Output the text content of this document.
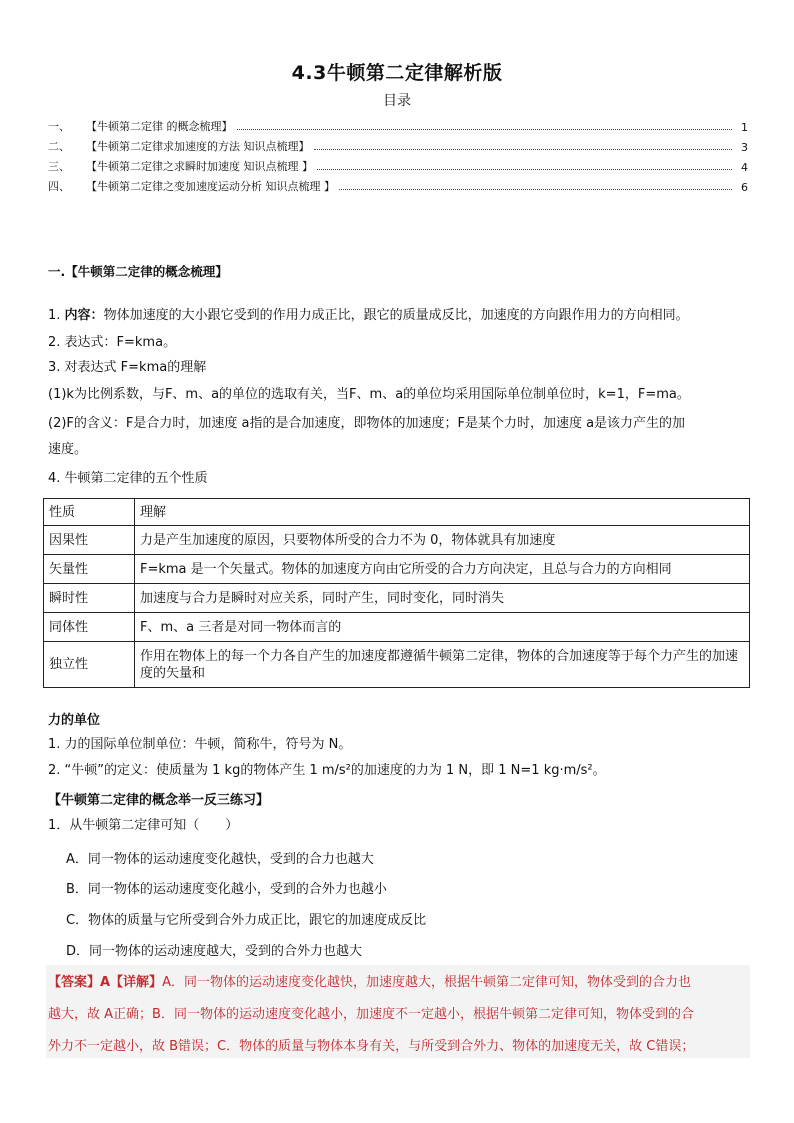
4.3牛顿第二定律解析版
目录
一、	【牛顿第二定律 的概念梳理】	1
二、	【牛顿第二定律求加速度的方法 知识点梳理】	3
三、	【牛顿第二定律之求瞬时加速度 知识点梳理 】	4
四、	【牛顿第二定律之变加速度运动分析 知识点梳理 】	6
一.【牛顿第二定律的概念梳理】
1. 内容：物体加速度的大小跟它受到的作用力成正比，跟它的质量成反比，加速度的方向跟作用力的方向相同。
2. 表达式：F=kma。
3. 对表达式 F=kma的理解
(1)k为比例系数，与F、m、a的单位的选取有关，当F、m、a的单位均采用国际单位制单位时，k=1，F=ma。
(2)F的含义：F是合力时，加速度 a指的是合加速度，即物体的加速度；F是某个力时，加速度 a是该力产生的加
速度。
4. 牛顿第二定律的五个性质
性质	理解
因果性	力是产生加速度的原因，只要物体所受的合力不为 0，物体就具有加速度
矢量性	F=kma 是一个矢量式。物体的加速度方向由它所受的合力方向决定，且总与合力的方向相同
瞬时性	加速度与合力是瞬时对应关系，同时产生，同时变化，同时消失
同体性	F、m、a 三者是对同一物体而言的
独立性	作用在物体上的每一个力各自产生的加速度都遵循牛顿第二定律，物体的合加速度等于每个力产生的加速度的矢量和
力的单位
1. 力的国际单位制单位：牛顿，简称牛，符号为 N。
2. “牛顿”的定义：使质量为 1 kg的物体产生 1 m/s²的加速度的力为 1 N，即 1 N=1 kg·m/s²。
【牛顿第二定律的概念举一反三练习】
1．从牛顿第二定律可知（　　）
A．同一物体的运动速度变化越快，受到的合力也越大
B．同一物体的运动速度变化越小，受到的合外力也越小
C．物体的质量与它所受到合外力成正比，跟它的加速度成反比
D．同一物体的运动速度越大，受到的合外力也越大
【答案】A【详解】A．同一物体的运动速度变化越快，加速度越大，根据牛顿第二定律可知，物体受到的合力也
越大，故 A正确；B．同一物体的运动速度变化越小，加速度不一定越小，根据牛顿第二定律可知，物体受到的合
外力不一定越小，故 B错误；C．物体的质量与物体本身有关，与所受到合外力、物体的加速度无关，故 C错误；
